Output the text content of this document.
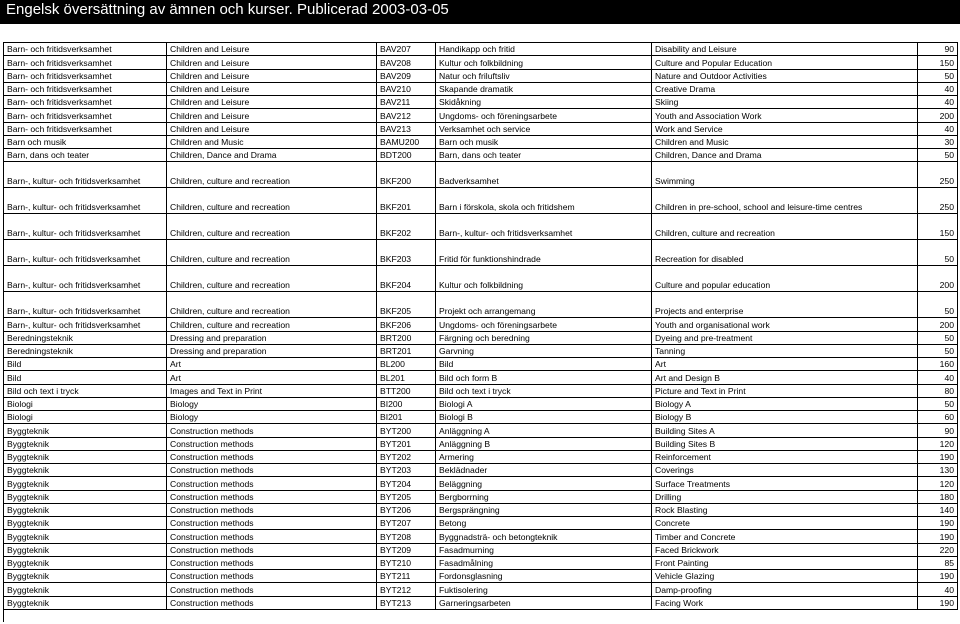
Engelsk översättning av ämnen och kurser. Publicerad 2003-03-05
Barn- och fritidsverksamhet	Children and Leisure	BAV207	Handikapp och fritid	Disability and Leisure	90
Barn- och fritidsverksamhet	Children and Leisure	BAV208	Kultur och folkbildning	Culture and Popular Education	150
Barn- och fritidsverksamhet	Children and Leisure	BAV209	Natur och friluftsliv	Nature and Outdoor Activities	50
Barn- och fritidsverksamhet	Children and Leisure	BAV210	Skapande dramatik	Creative Drama	40
Barn- och fritidsverksamhet	Children and Leisure	BAV211	Skidåkning	Skiing	40
Barn- och fritidsverksamhet	Children and Leisure	BAV212	Ungdoms- och föreningsarbete	Youth and Association Work	200
Barn- och fritidsverksamhet	Children and Leisure	BAV213	Verksamhet och service	Work and Service	40
Barn och musik	Children and Music	BAMU200	Barn och musik	Children and Music	30
Barn, dans och teater	Children, Dance and Drama	BDT200	Barn, dans och teater	Children, Dance and Drama	50
Barn-, kultur- och fritidsverksamhet	Children, culture and recreation	BKF200	Badverksamhet	Swimming	250
Barn-, kultur- och fritidsverksamhet	Children, culture and recreation	BKF201	Barn i förskola, skola och fritidshem	Children in pre-school, school and leisure-time centres	250
Barn-, kultur- och fritidsverksamhet	Children, culture and recreation	BKF202	Barn-, kultur- och fritidsverksamhet	Children, culture and recreation	150
Barn-, kultur- och fritidsverksamhet	Children, culture and recreation	BKF203	Fritid för funktionshindrade	Recreation for disabled	50
Barn-, kultur- och fritidsverksamhet	Children, culture and recreation	BKF204	Kultur och folkbildning	Culture and popular education	200
Barn-, kultur- och fritidsverksamhet	Children, culture and recreation	BKF205	Projekt och arrangemang	Projects and enterprise	50
Barn-, kultur- och fritidsverksamhet	Children, culture and recreation	BKF206	Ungdoms- och föreningsarbete	Youth and organisational work	200
Beredningsteknik	Dressing and preparation	BRT200	Färgning och beredning	Dyeing and pre-treatment	50
Beredningsteknik	Dressing and preparation	BRT201	Garvning	Tanning	50
Bild	Art	BL200	Bild	Art	160
Bild	Art	BL201	Bild och form B	Art and Design B	40
Bild och text i tryck	Images and Text in Print	BTT200	Bild och text i tryck	Picture and Text in Print	80
Biologi	Biology	BI200	Biologi A	Biology A	50
Biologi	Biology	BI201	Biologi B	Biology B	60
Byggteknik	Construction methods	BYT200	Anläggning A	Building Sites A	90
Byggteknik	Construction methods	BYT201	Anläggning B	Building Sites B	120
Byggteknik	Construction methods	BYT202	Armering	Reinforcement	190
Byggteknik	Construction methods	BYT203	Beklädnader	Coverings	130
Byggteknik	Construction methods	BYT204	Beläggning	Surface Treatments	120
Byggteknik	Construction methods	BYT205	Bergborrning	Drilling	180
Byggteknik	Construction methods	BYT206	Bergsprängning	Rock Blasting	140
Byggteknik	Construction methods	BYT207	Betong	Concrete	190
Byggteknik	Construction methods	BYT208	Byggnadsträ- och betongteknik	Timber and Concrete	190
Byggteknik	Construction methods	BYT209	Fasadmurning	Faced Brickwork	220
Byggteknik	Construction methods	BYT210	Fasadmålning	Front Painting	85
Byggteknik	Construction methods	BYT211	Fordonsglasning	Vehicle Glazing	190
Byggteknik	Construction methods	BYT212	Fuktisolering	Damp-proofing	40
Byggteknik	Construction methods	BYT213	Garneringsarbeten	Facing Work	190
